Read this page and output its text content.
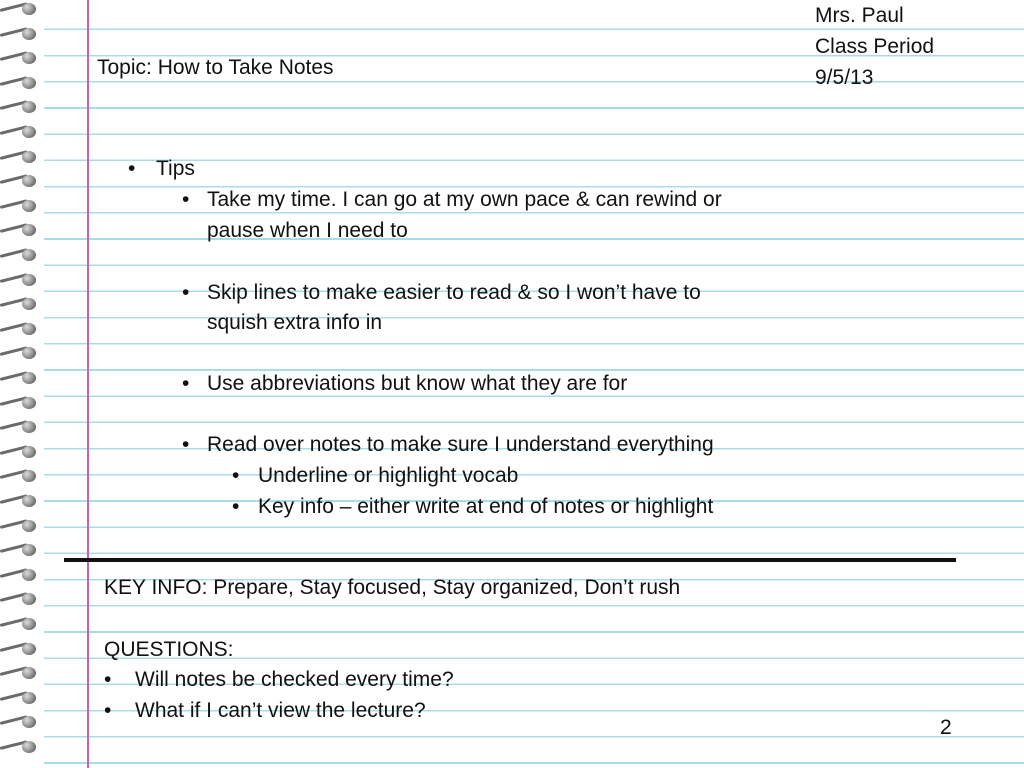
Mrs. Paul
Class Period
9/5/13
Topic: How to Take Notes
• Tips
• Take my time. I can go at my own pace & can rewind or
pause when I need to
• Skip lines to make easier to read & so I won’t have to
squish extra info in
• Use abbreviations but know what they are for
• Read over notes to make sure I understand everything
• Underline or highlight vocab
• Key info – either write at end of notes or highlight
KEY INFO: Prepare, Stay focused, Stay organized, Don’t rush
QUESTIONS:
• Will notes be checked every time?
• What if I can’t view the lecture?
2
